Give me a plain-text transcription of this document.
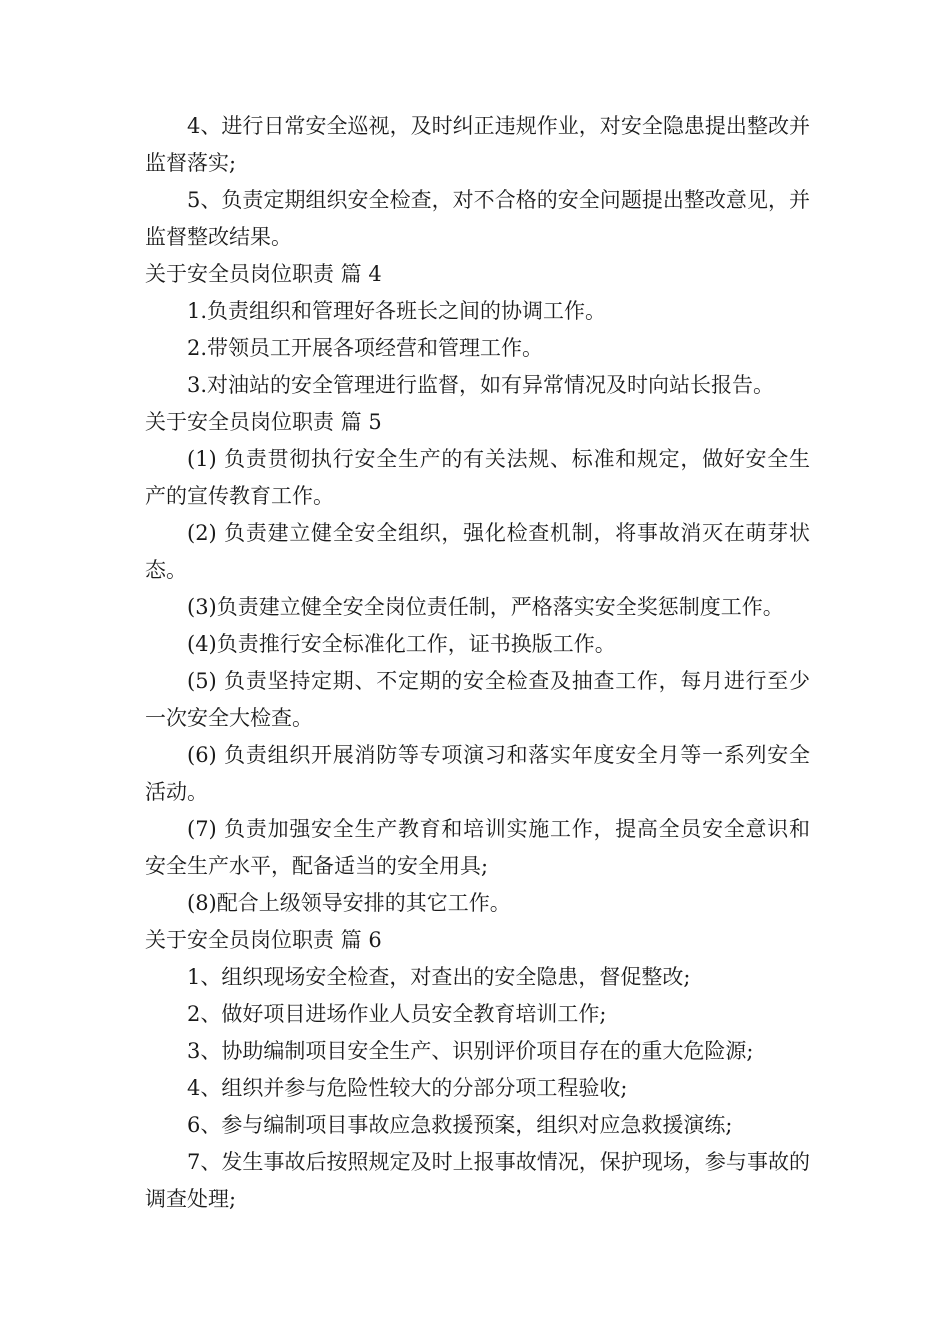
4、进行日常安全巡视，及时纠正违规作业，对安全隐患提出整改并监督落实;

5、负责定期组织安全检查，对不合格的安全问题提出整改意见，并监督整改结果。

关于安全员岗位职责 篇 4

1.负责组织和管理好各班长之间的协调工作。

2.带领员工开展各项经营和管理工作。

3.对油站的安全管理进行监督，如有异常情况及时向站长报告。

关于安全员岗位职责 篇 5

(1) 负责贯彻执行安全生产的有关法规、标准和规定，做好安全生产的宣传教育工作。

(2) 负责建立健全安全组织，强化检查机制，将事故消灭在萌芽状态。

(3)负责建立健全安全岗位责任制，严格落实安全奖惩制度工作。

(4)负责推行安全标准化工作，证书换版工作。

(5) 负责坚持定期、不定期的安全检查及抽查工作，每月进行至少一次安全大检查。

(6) 负责组织开展消防等专项演习和落实年度安全月等一系列安全活动。

(7) 负责加强安全生产教育和培训实施工作，提高全员安全意识和安全生产水平，配备适当的安全用具;

(8)配合上级领导安排的其它工作。

关于安全员岗位职责 篇 6

1、组织现场安全检查，对查出的安全隐患，督促整改;

2、做好项目进场作业人员安全教育培训工作;

3、协助编制项目安全生产、识别评价项目存在的重大危险源;

4、组织并参与危险性较大的分部分项工程验收;

6、参与编制项目事故应急救援预案，组织对应急救援演练;

7、发生事故后按照规定及时上报事故情况，保护现场，参与事故的调查处理;
